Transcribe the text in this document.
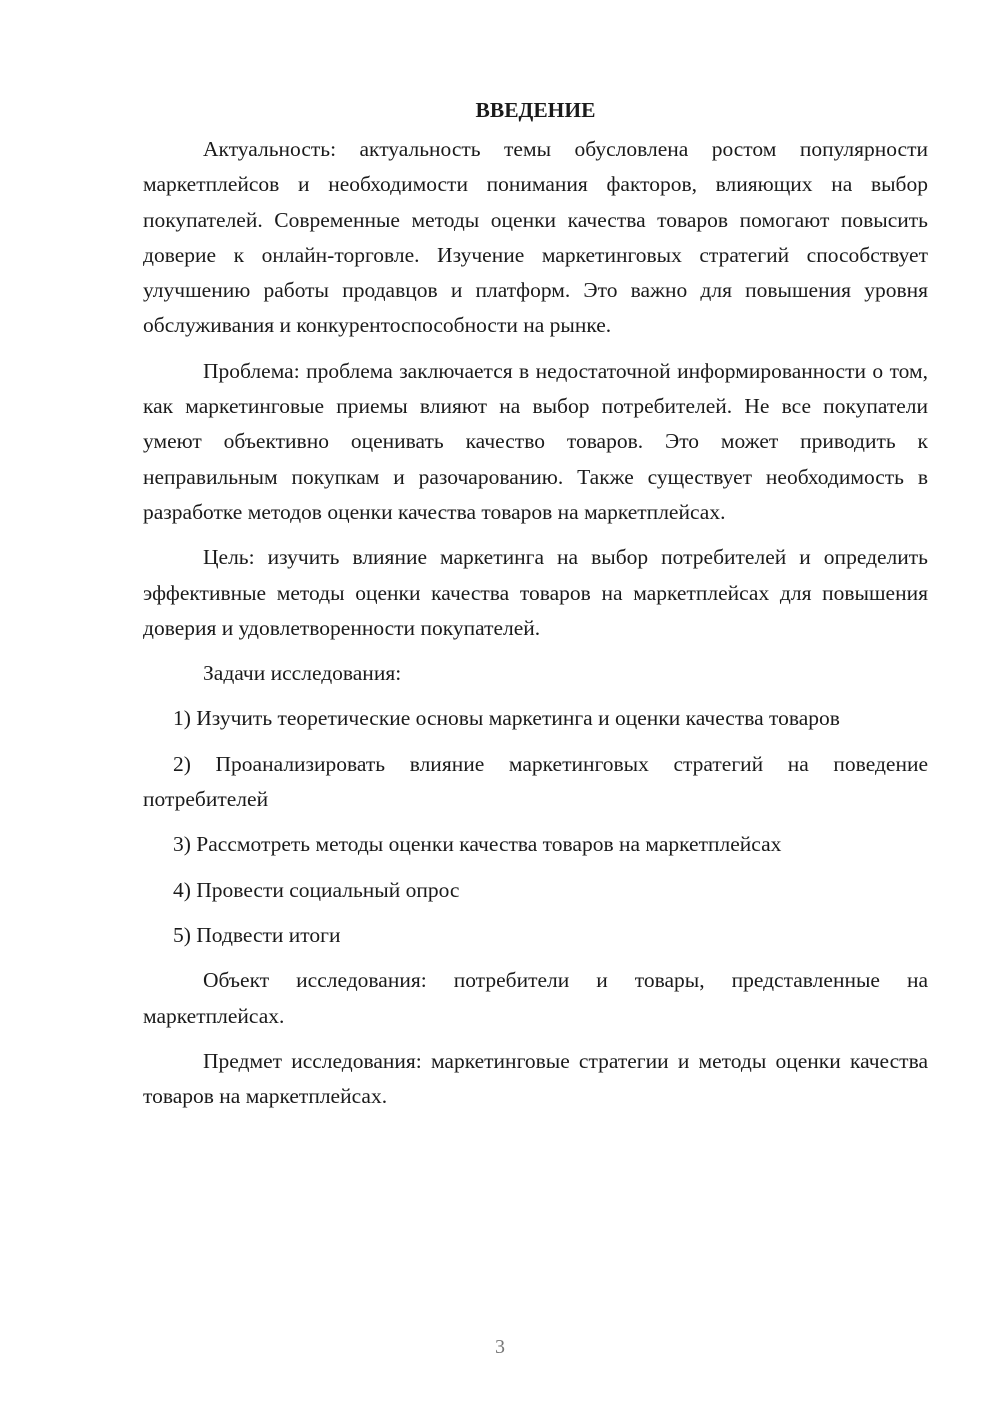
ВВЕДЕНИЕ

Актуальность: актуальность темы обусловлена ростом популярности маркетплейсов и необходимости понимания факторов, влияющих на выбор покупателей. Современные методы оценки качества товаров помогают повысить доверие к онлайн-торговле. Изучение маркетинговых стратегий способствует улучшению работы продавцов и платформ. Это важно для повышения уровня обслуживания и конкурентоспособности на рынке.

Проблема: проблема заключается в недостаточной информированности о том, как маркетинговые приемы влияют на выбор потребителей. Не все покупатели умеют объективно оценивать качество товаров. Это может приводить к неправильным покупкам и разочарованию. Также существует необходимость в разработке методов оценки качества товаров на маркетплейсах.

Цель: изучить влияние маркетинга на выбор потребителей и определить эффективные методы оценки качества товаров на маркетплейсах для повышения доверия и удовлетворенности покупателей.

Задачи исследования:

1) Изучить теоретические основы маркетинга и оценки качества товаров

2) Проанализировать влияние маркетинговых стратегий на поведение потребителей

3) Рассмотреть методы оценки качества товаров на маркетплейсах

4) Провести социальный опрос

5) Подвести итоги

Объект исследования: потребители и товары, представленные на маркетплейсах.

Предмет исследования: маркетинговые стратегии и методы оценки качества товаров на маркетплейсах.

3
